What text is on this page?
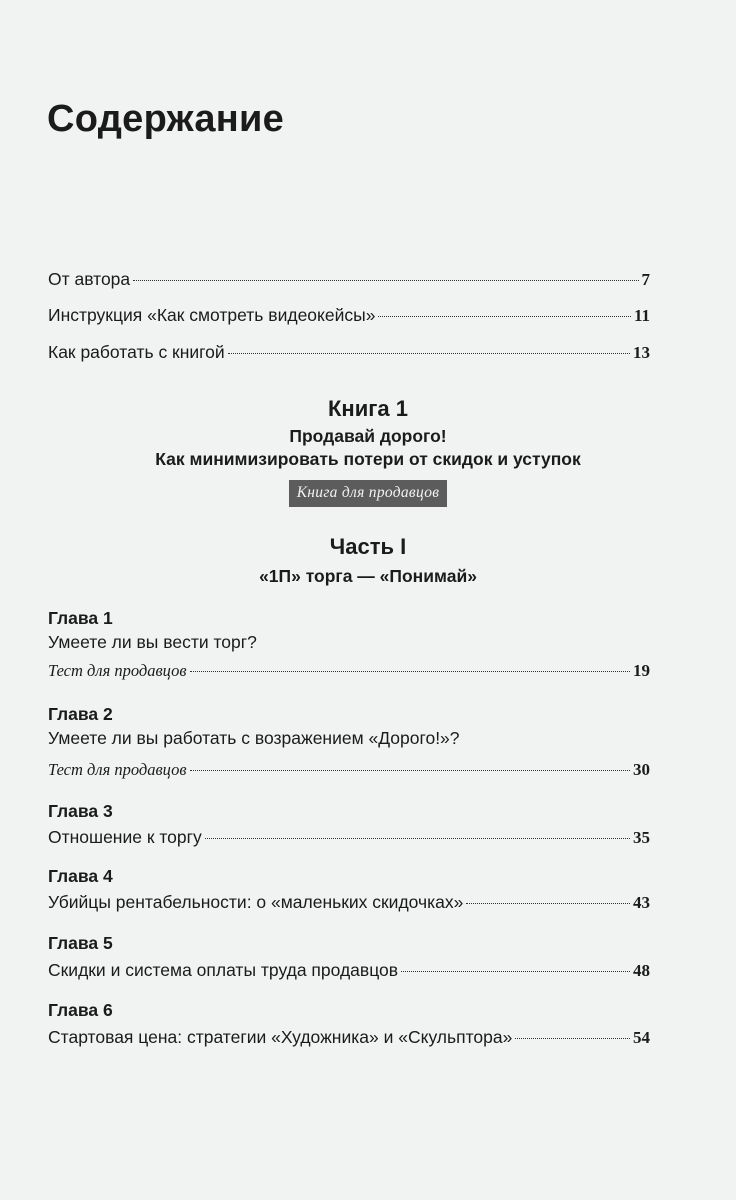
Содержание
От автора	7
Инструкция «Как смотреть видеокейсы»	11
Как работать с книгой	13
Книга 1
Продавай дорого!
Как минимизировать потери от скидок и уступок
Книга для продавцов
Часть I
«1П» торга — «Понимай»
Глава 1
Умеете ли вы вести торг?
Тест для продавцов	19
Глава 2
Умеете ли вы работать с возражением «Дорого!»?
Тест для продавцов	30
Глава 3
Отношение к торгу	35
Глава 4
Убийцы рентабельности: о «маленьких скидочках»	43
Глава 5
Скидки и система оплаты труда продавцов	48
Глава 6
Стартовая цена: стратегии «Художника» и «Скульптора»	54
